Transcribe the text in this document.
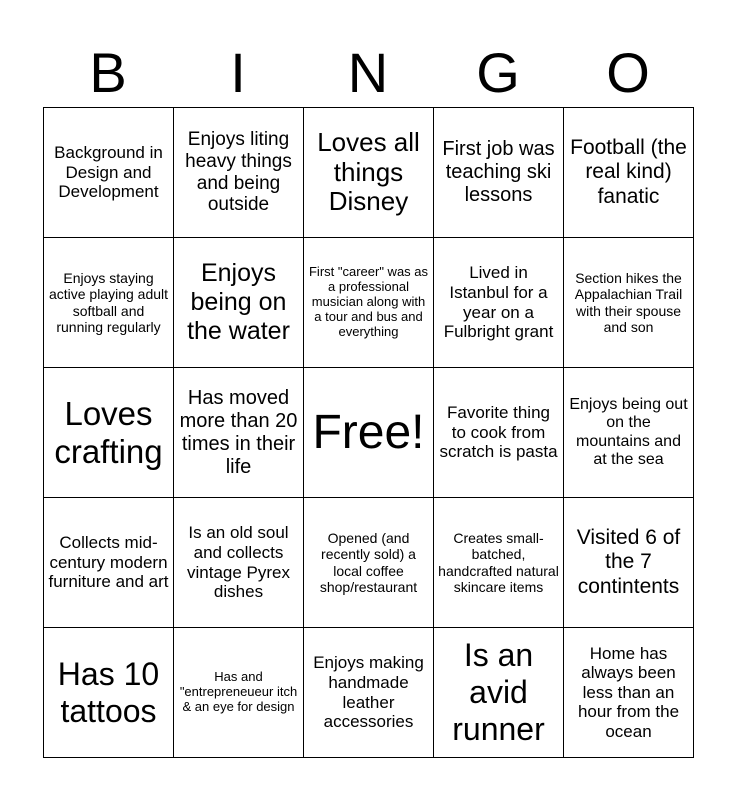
B	I	N	G	O
Background in Design and Development	Enjoys liting heavy things and being outside	Loves all things Disney	First job was teaching ski lessons	Football (the real kind) fanatic
Enjoys staying active playing adult softball and running regularly	Enjoys being on the water	First "career" was as a professional musician along with a tour and bus and everything	Lived in Istanbul for a year on a Fulbright grant	Section hikes the Appalachian Trail with their spouse and son
Loves crafting	Has moved more than 20 times in their life	Free!	Favorite thing to cook from scratch is pasta	Enjoys being out on the mountains and at the sea
Collects mid-century modern furniture and art	Is an old soul and collects vintage Pyrex dishes	Opened (and recently sold) a local coffee shop/restaurant	Creates small-batched, handcrafted natural skincare items	Visited 6 of the 7 contintents
Has 10 tattoos	Has and "entrepreneueur itch & an eye for design	Enjoys making handmade leather accessories	Is an avid runner	Home has always been less than an hour from the ocean
